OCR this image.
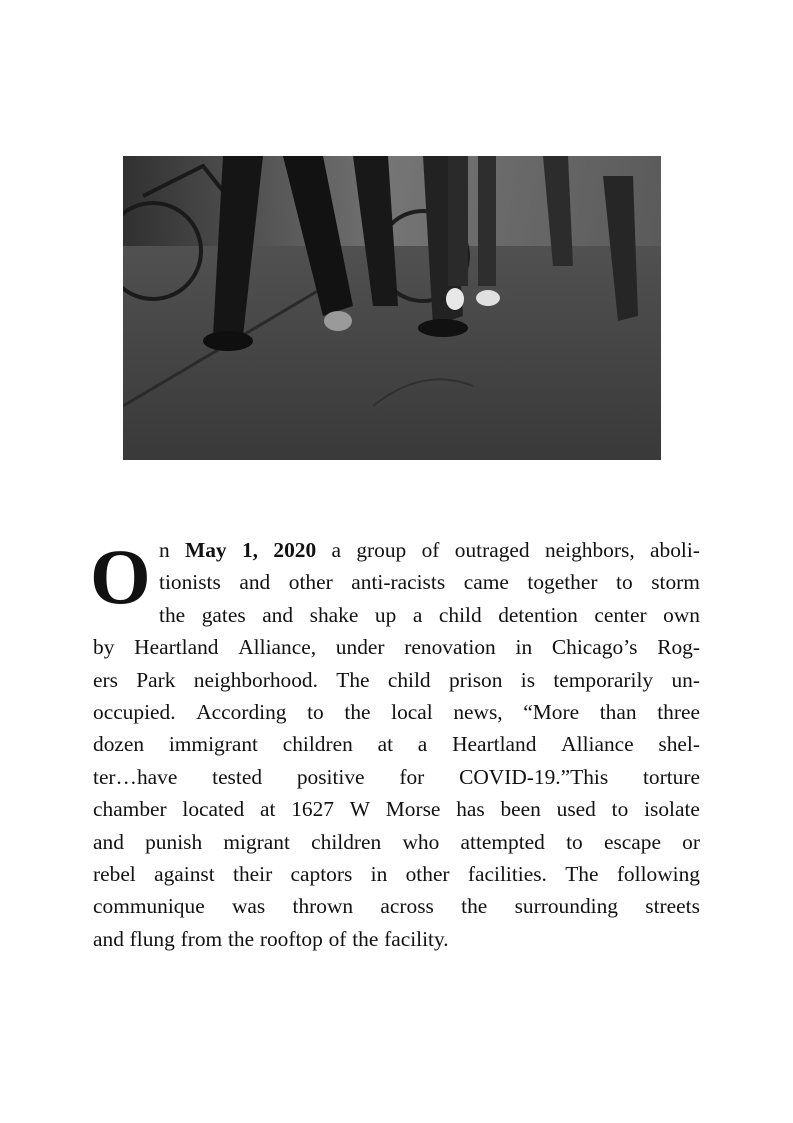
O n May 1, 2020 a group of outraged neighbors, aboli-
tionists and other anti-racists came together to storm
the gates and shake up a child detention center own
by Heartland Alliance, under renovation in Chicago’s Rog-
ers Park neighborhood. The child prison is temporarily un-
occupied. According to the local news, “More than three
dozen immigrant children at a Heartland Alliance shel-
ter…have tested positive for COVID-19.”This torture
chamber located at 1627 W Morse has been used to isolate
and punish migrant children who attempted to escape or
rebel against their captors in other facilities. The following
communique was thrown across the surrounding streets
and flung from the rooftop of the facility.
